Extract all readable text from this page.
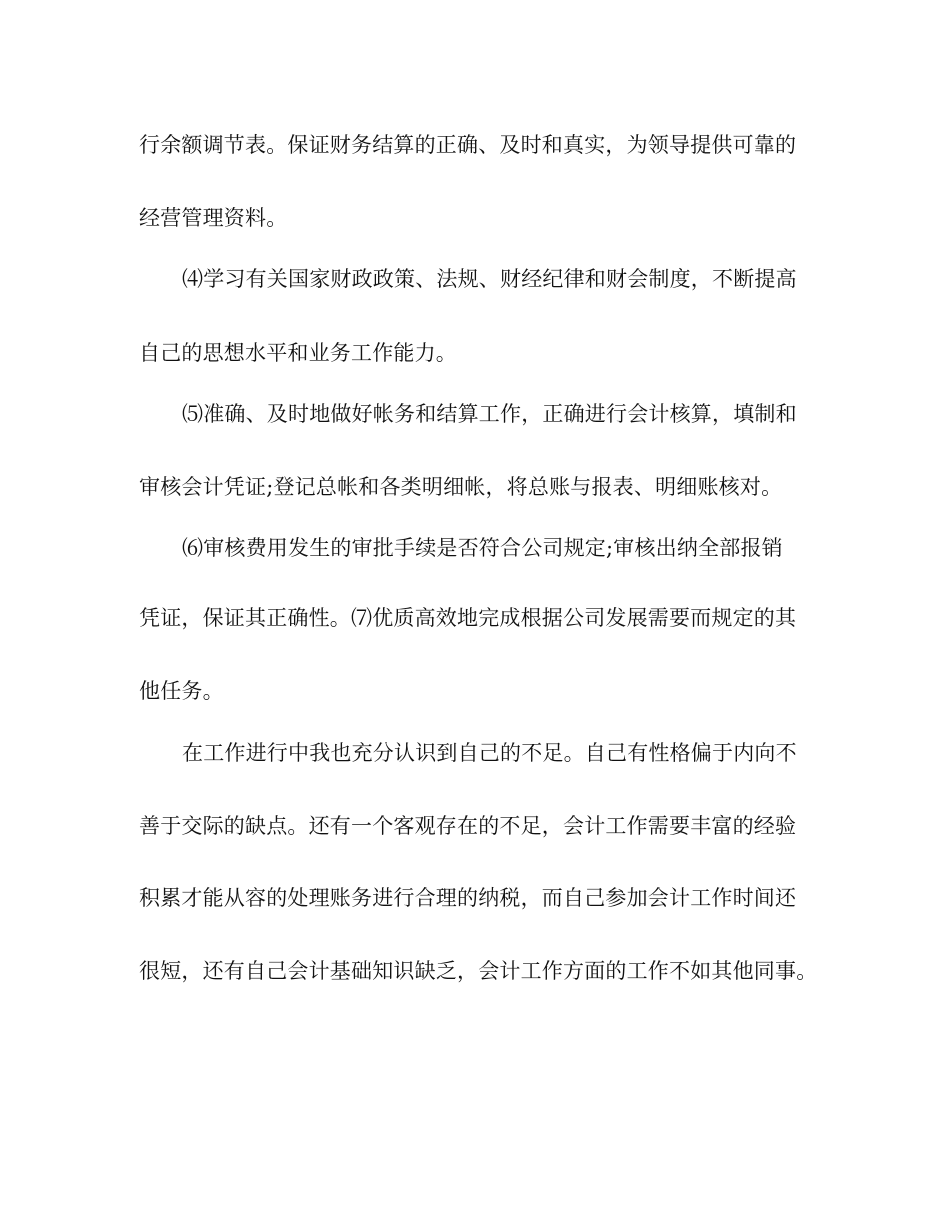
行余额调节表。保证财务结算的正确、及时和真实，为领导提供可靠的
经营管理资料。
⑷学习有关国家财政政策、法规、财经纪律和财会制度，不断提高
自己的思想水平和业务工作能力。
⑸准确、及时地做好帐务和结算工作，正确进行会计核算，填制和
审核会计凭证;登记总帐和各类明细帐，将总账与报表、明细账核对。
⑹审核费用发生的审批手续是否符合公司规定;审核出纳全部报销
凭证，保证其正确性。⑺优质高效地完成根据公司发展需要而规定的其
他任务。
在工作进行中我也充分认识到自己的不足。自己有性格偏于内向不
善于交际的缺点。还有一个客观存在的不足，会计工作需要丰富的经验
积累才能从容的处理账务进行合理的纳税，而自己参加会计工作时间还
很短，还有自己会计基础知识缺乏，会计工作方面的工作不如其他同事。
